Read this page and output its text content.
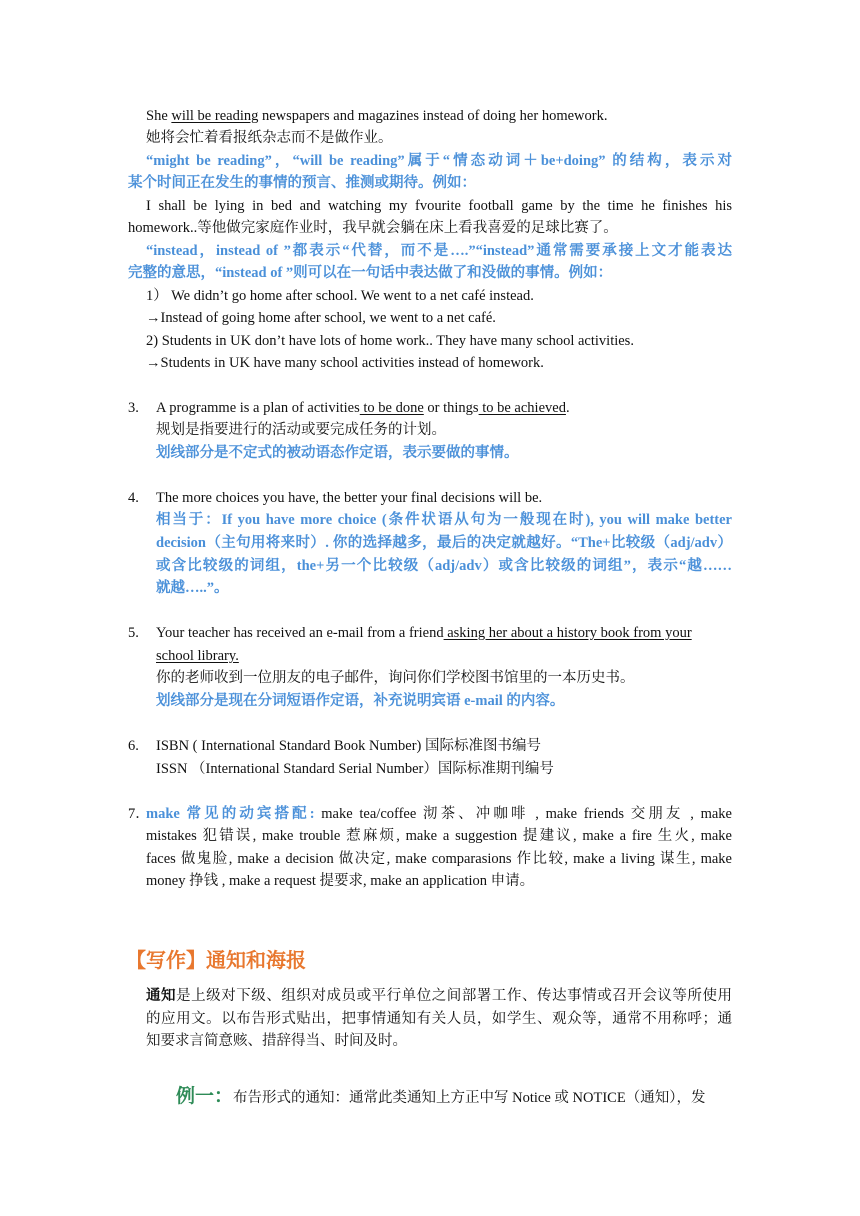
She will be reading newspapers and magazines instead of doing her homework.
她将会忙着看报纸杂志而不是做作业。
“might be reading”，“will be reading”属于“情态动词＋be+doing” 的结构，表示对
某个时间正在发生的事情的预言、推测或期待。例如：
I shall be lying in bed and watching my fvourite football game by the time he finishes his
homework..等他做完家庭作业时，我早就会躺在床上看我喜爱的足球比赛了。
“instead，instead of ”都表示“代替，而不是….”“instead”通常需要承接上文才能表达
完整的意思，“instead of ”则可以在一句话中表达做了和没做的事情。例如：
1） We didn’t go home after school. We went to a net café instead.
→Instead of going home after school, we went to a net café.
2) Students in UK don’t have lots of home work.. They have many school activities.
→Students in UK have many school activities instead of homework.
3. A programme is a plan of activities to be done or things to be achieved.
规划是指要进行的活动或要完成任务的计划。
划线部分是不定式的被动语态作定语，表示要做的事情。
4. The more choices you have, the better your final decisions will be.
相当于：If you have more choice (条件状语从句为一般现在时), you will make better
decision（主句用将来时）. 你的选择越多，最后的决定就越好。“The+比较级（adj/adv）
或含比较级的词组，the+另一个比较级（adj/adv）或含比较级的词组”，表示“越……
就越…..”。
5. Your teacher has received an e-mail from a friend asking her about a history book from your
school library.
你的老师收到一位朋友的电子邮件，询问你们学校图书馆里的一本历史书。
划线部分是现在分词短语作定语，补充说明宾语 e-mail 的内容。
6. ISBN ( International Standard Book Number) 国际标准图书编号
ISSN （International Standard Serial Number）国际标准期刊编号
7．
make 常见的动宾搭配: make tea/coffee 沏茶、冲咖啡 , make friends 交朋友 , make
mistakes 犯错误, make trouble 惹麻烦, make a suggestion 提建议, make a fire 生火, make
faces 做鬼脸, make a decision 做决定, make comparasions 作比较, make a living 谋生, make
money 挣钱 , make a request 提要求, make an application 申请。
【写作】通知和海报
通知是上级对下级、组织对成员或平行单位之间部署工作、传达事情或召开会议等所使用
的应用文。以布告形式贴出，把事情通知有关人员，如学生、观众等，通常不用称呼；通
知要求言简意赅、措辞得当、时间及时。
例一：布告形式的通知：通常此类通知上方正中写 Notice 或 NOTICE（通知），发
